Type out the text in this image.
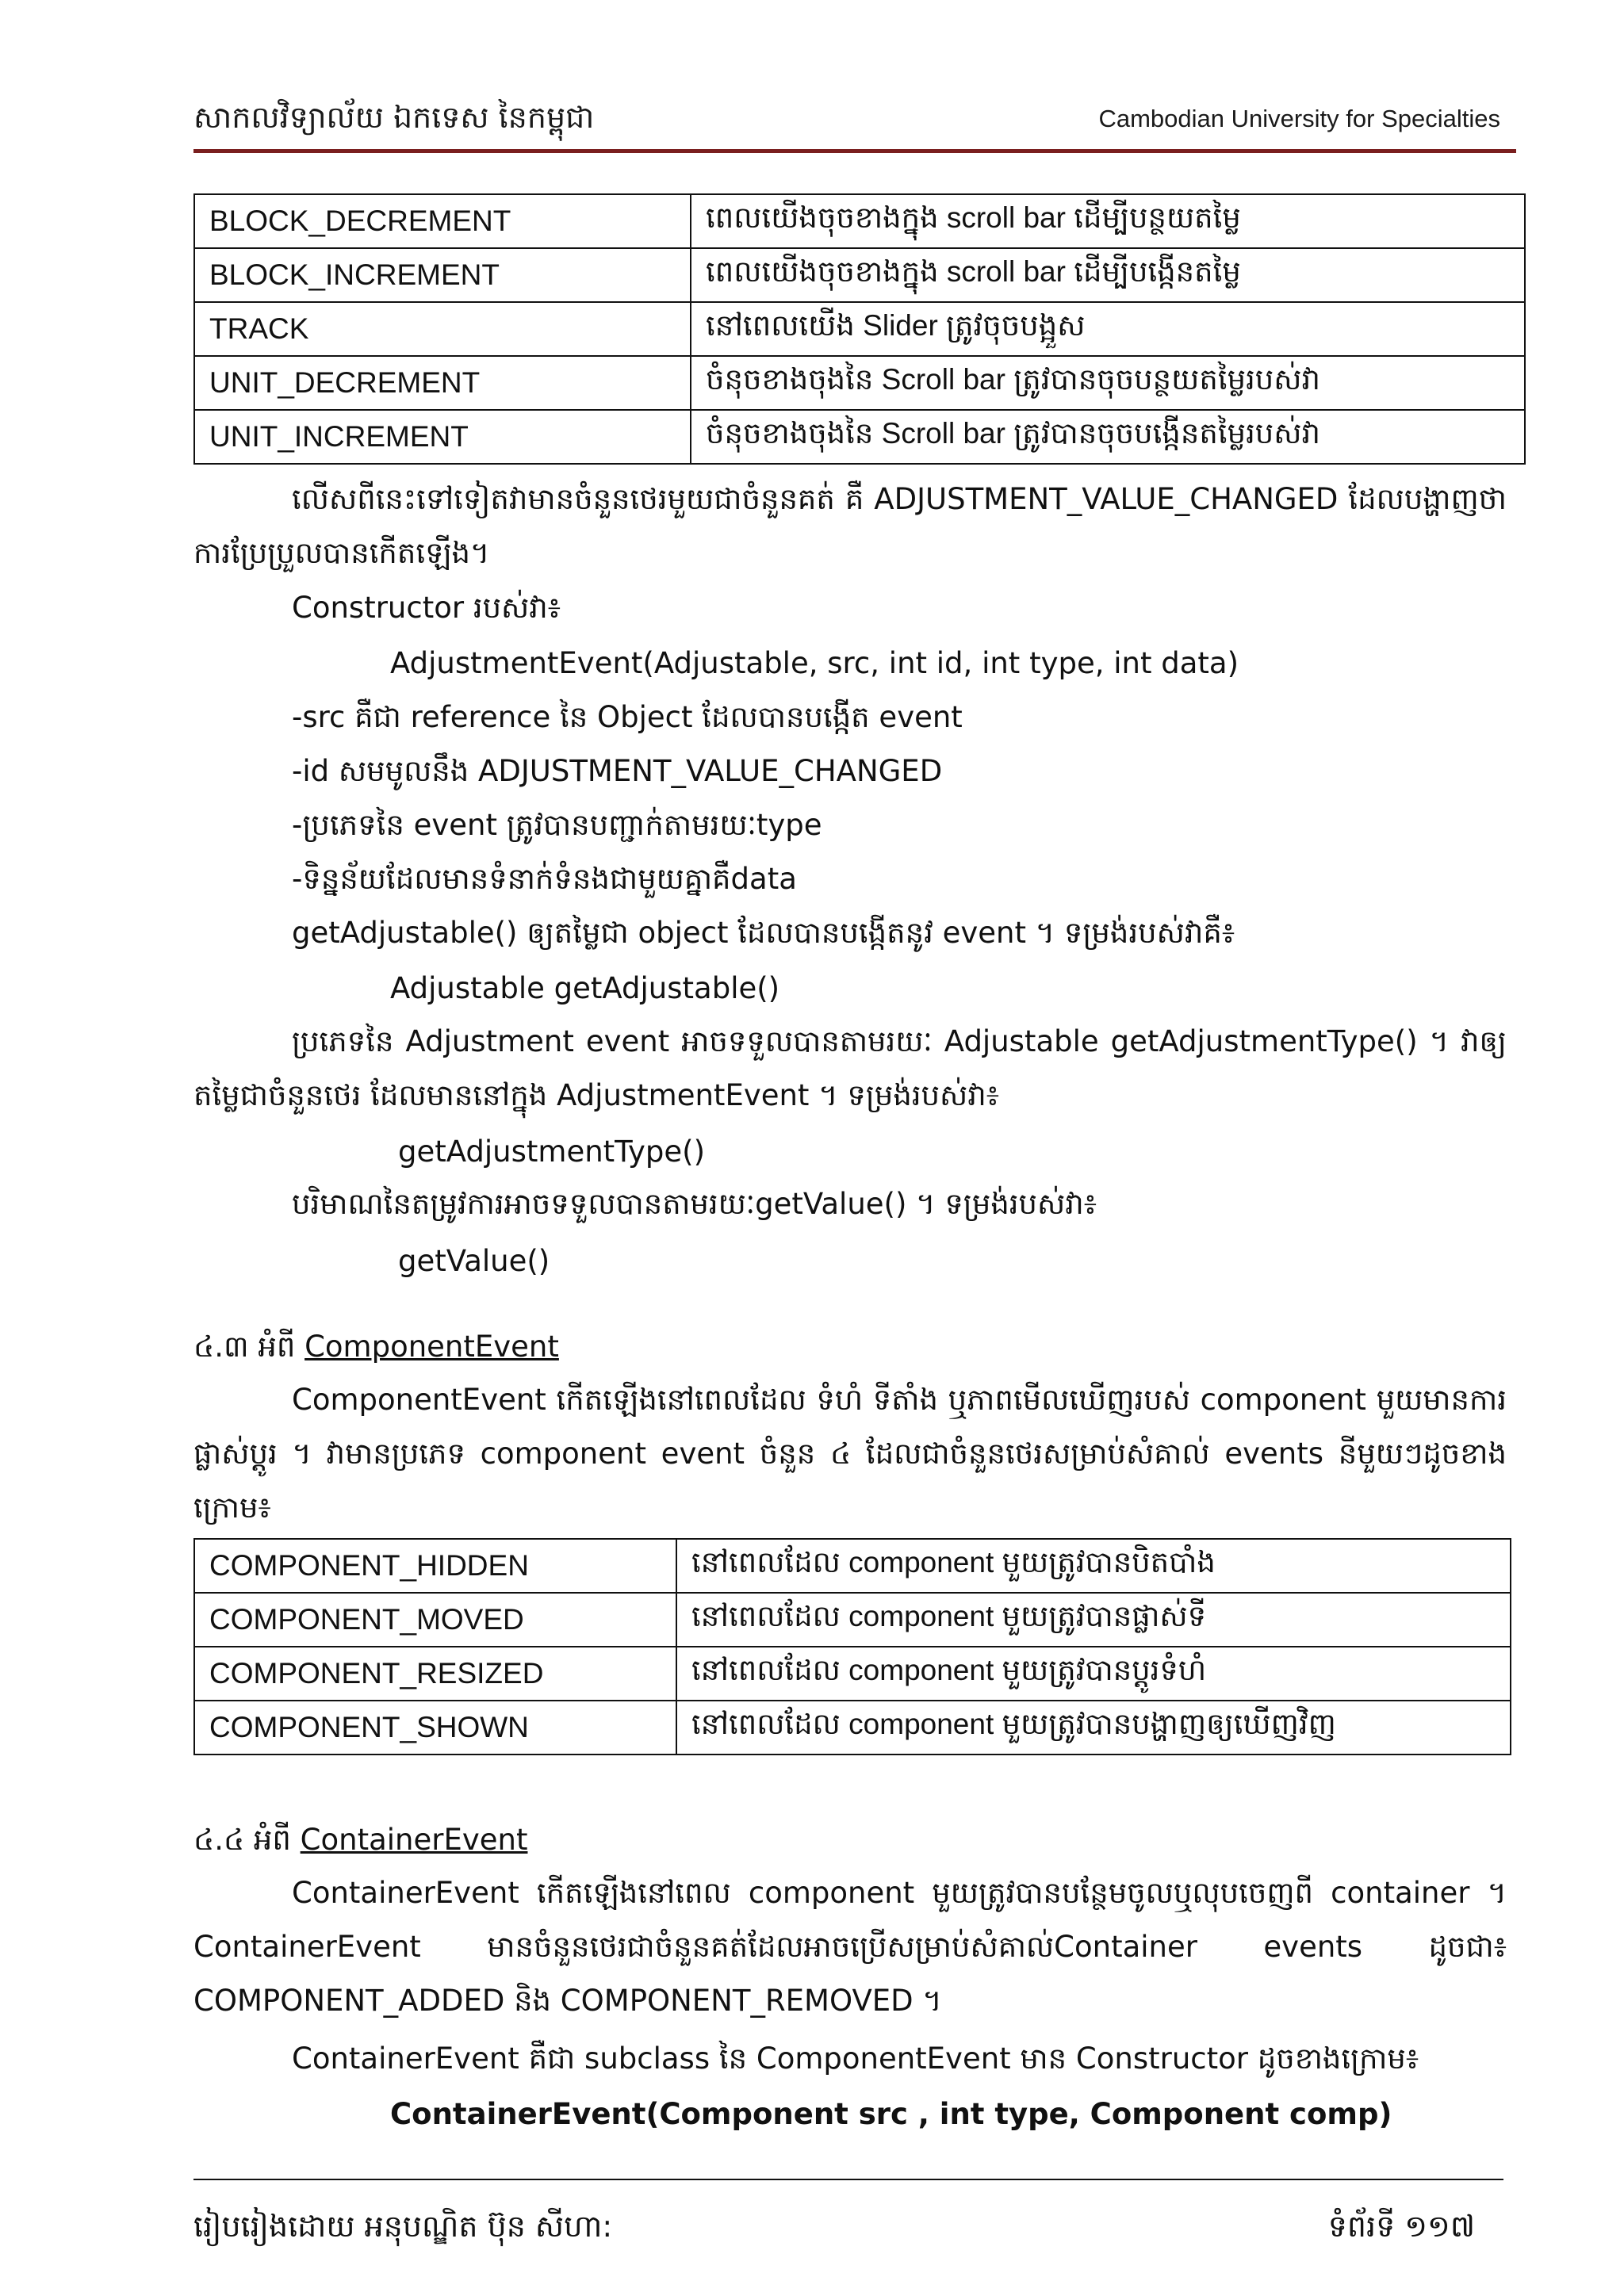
សាកលវិទ្យាល័យ ឯកទេស នៃកម្ពុជា	Cambodian University for Specialties
BLOCK_DECREMENT	ពេលយើងចុចខាងក្នុង scroll bar ដើម្បីបន្ថយតម្លៃ
BLOCK_INCREMENT	ពេលយើងចុចខាងក្នុង scroll bar ដើម្បីបង្កើនតម្លៃ
TRACK	នៅពេលយើង Slider ត្រូវចុចបង្អួស
UNIT_DECREMENT	ចំនុចខាងចុងនៃ Scroll bar ត្រូវបានចុចបន្ថយតម្លៃរបស់វា
UNIT_INCREMENT	ចំនុចខាងចុងនៃ Scroll bar ត្រូវបានចុចបង្កើនតម្លៃរបស់វា
លើសពីនេះទៅទៀតវាមានចំនួនថេរមួយជាចំនួនគត់ គឺ ADJUSTMENT_VALUE_CHANGED ដែលបង្ហាញថាការប្រែប្រួលបានកើតឡើង។
Constructor របស់វា៖
AdjustmentEvent(Adjustable, src, int id, int type, int data)
-src គឺជា reference នៃ Object ដែលបានបង្កើត event
-id សមមូលនឹង ADJUSTMENT_VALUE_CHANGED
-ប្រភេទនៃ event ត្រូវបានបញ្ជាក់តាមរយៈtype
-ទិន្នន័យដែលមានទំនាក់ទំនងជាមួយគ្នាគឺdata
getAdjustable() ឲ្យតម្លៃជា object ដែលបានបង្កើតនូវ event ។ ទម្រង់របស់វាគឺ៖
Adjustable getAdjustable()
ប្រភេទនៃ Adjustment event អាចទទួលបានតាមរយៈ Adjustable getAdjustmentType() ។ វាឲ្យតម្លៃជាចំនួនថេរ ដែលមាននៅក្នុង AdjustmentEvent ។ ទម្រង់របស់វា៖
getAdjustmentType()
បរិមាណនៃតម្រូវការអាចទទួលបានតាមរយៈgetValue() ។ ទម្រង់របស់វា៖
getValue()
៤.៣ អំពី ComponentEvent
ComponentEvent កើតឡើងនៅពេលដែល ទំហំ ទីតាំង ឬភាពមើលឃើញរបស់ component មួយមានការផ្លាស់ប្តូរ ។ វាមានប្រភេទ component event ចំនួន ៤ ដែលជាចំនួនថេរសម្រាប់សំគាល់ events នីមួយៗដូចខាងក្រោម៖
COMPONENT_HIDDEN	នៅពេលដែល component មួយត្រូវបានបិតបាំង
COMPONENT_MOVED	នៅពេលដែល component មួយត្រូវបានផ្លាស់ទី
COMPONENT_RESIZED	នៅពេលដែល component មួយត្រូវបានប្តូរទំហំ
COMPONENT_SHOWN	នៅពេលដែល component មួយត្រូវបានបង្ហាញឲ្យឃើញវិញ
៤.៤ អំពី ContainerEvent
ContainerEvent កើតឡើងនៅពេល component មួយត្រូវបានបន្ថែមចូលឬលុបចេញពី container ។ ContainerEvent មានចំនួនថេរជាចំនួនគត់ដែលអាចប្រើសម្រាប់សំគាល់Container events ដូចជា៖ COMPONENT_ADDED និង COMPONENT_REMOVED ។
ContainerEvent គឺជា subclass នៃ ComponentEvent មាន Constructor ដូចខាងក្រោម៖
ContainerEvent(Component src , int type, Component comp)
រៀបរៀងដោយ អនុបណ្ឌិត ប៊ុន សីហា:	ទំព័រទី ១១៧
